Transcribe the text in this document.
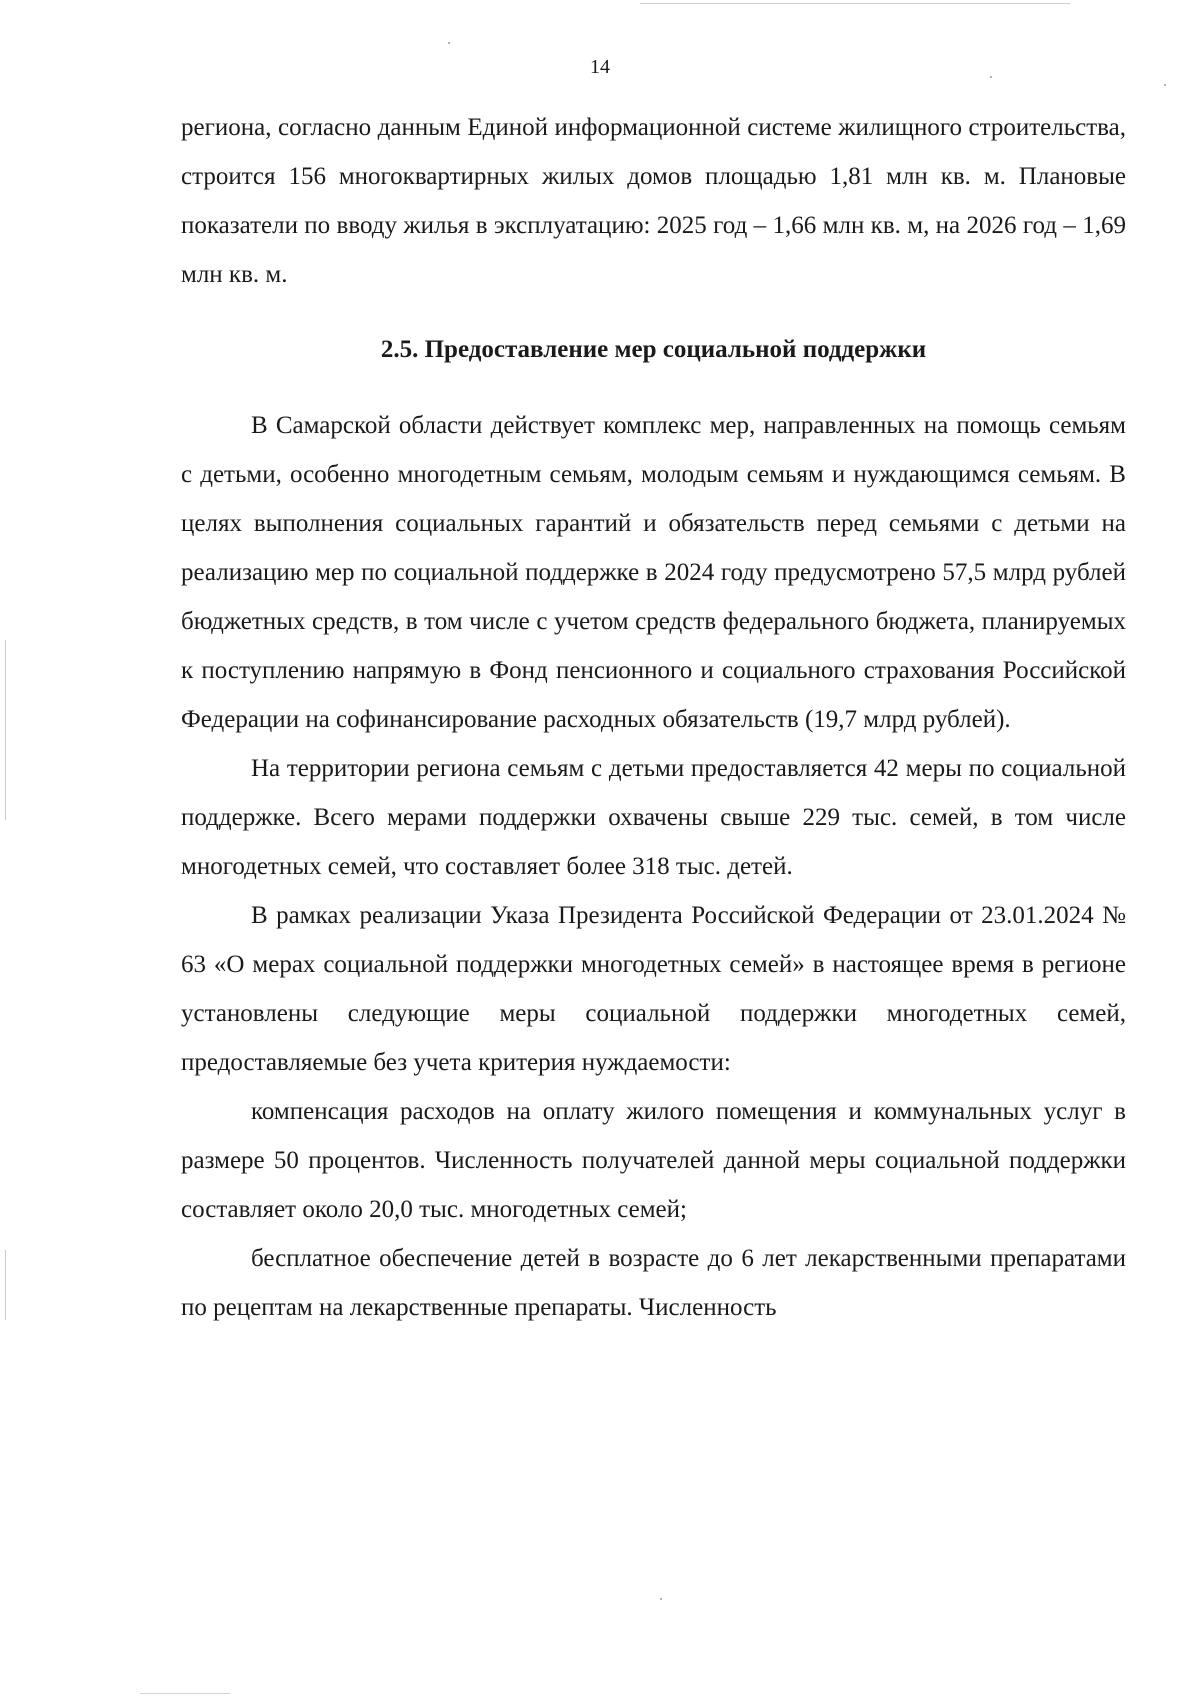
14

региона, согласно данным Единой информационной системе жилищного строительства, строится 156 многоквартирных жилых домов площадью 1,81 млн кв. м. Плановые показатели по вводу жилья в эксплуатацию: 2025 год – 1,66 млн кв. м, на 2026 год – 1,69 млн кв. м.

2.5. Предоставление мер социальной поддержки

В Самарской области действует комплекс мер, направленных на помощь семьям с детьми, особенно многодетным семьям, молодым семьям и нуждающимся семьям. В целях выполнения социальных гарантий и обязательств перед семьями с детьми на реализацию мер по социальной поддержке в 2024 году предусмотрено 57,5 млрд рублей бюджетных средств, в том числе с учетом средств федерального бюджета, планируемых к поступлению напрямую в Фонд пенсионного и социального страхования Российской Федерации на софинансирование расходных обязательств (19,7 млрд рублей).

На территории региона семьям с детьми предоставляется 42 меры по социальной поддержке. Всего мерами поддержки охвачены свыше 229 тыс. семей, в том числе многодетных семей, что составляет более 318 тыс. детей.

В рамках реализации Указа Президента Российской Федерации от 23.01.2024 № 63 «О мерах социальной поддержки многодетных семей» в настоящее время в регионе установлены следующие меры социальной поддержки многодетных семей, предоставляемые без учета критерия нуждаемости:

компенсация расходов на оплату жилого помещения и коммунальных услуг в размере 50 процентов. Численность получателей данной меры социальной поддержки составляет около 20,0 тыс. многодетных семей;

бесплатное обеспечение детей в возрасте до 6 лет лекарственными препаратами по рецептам на лекарственные препараты. Численность
